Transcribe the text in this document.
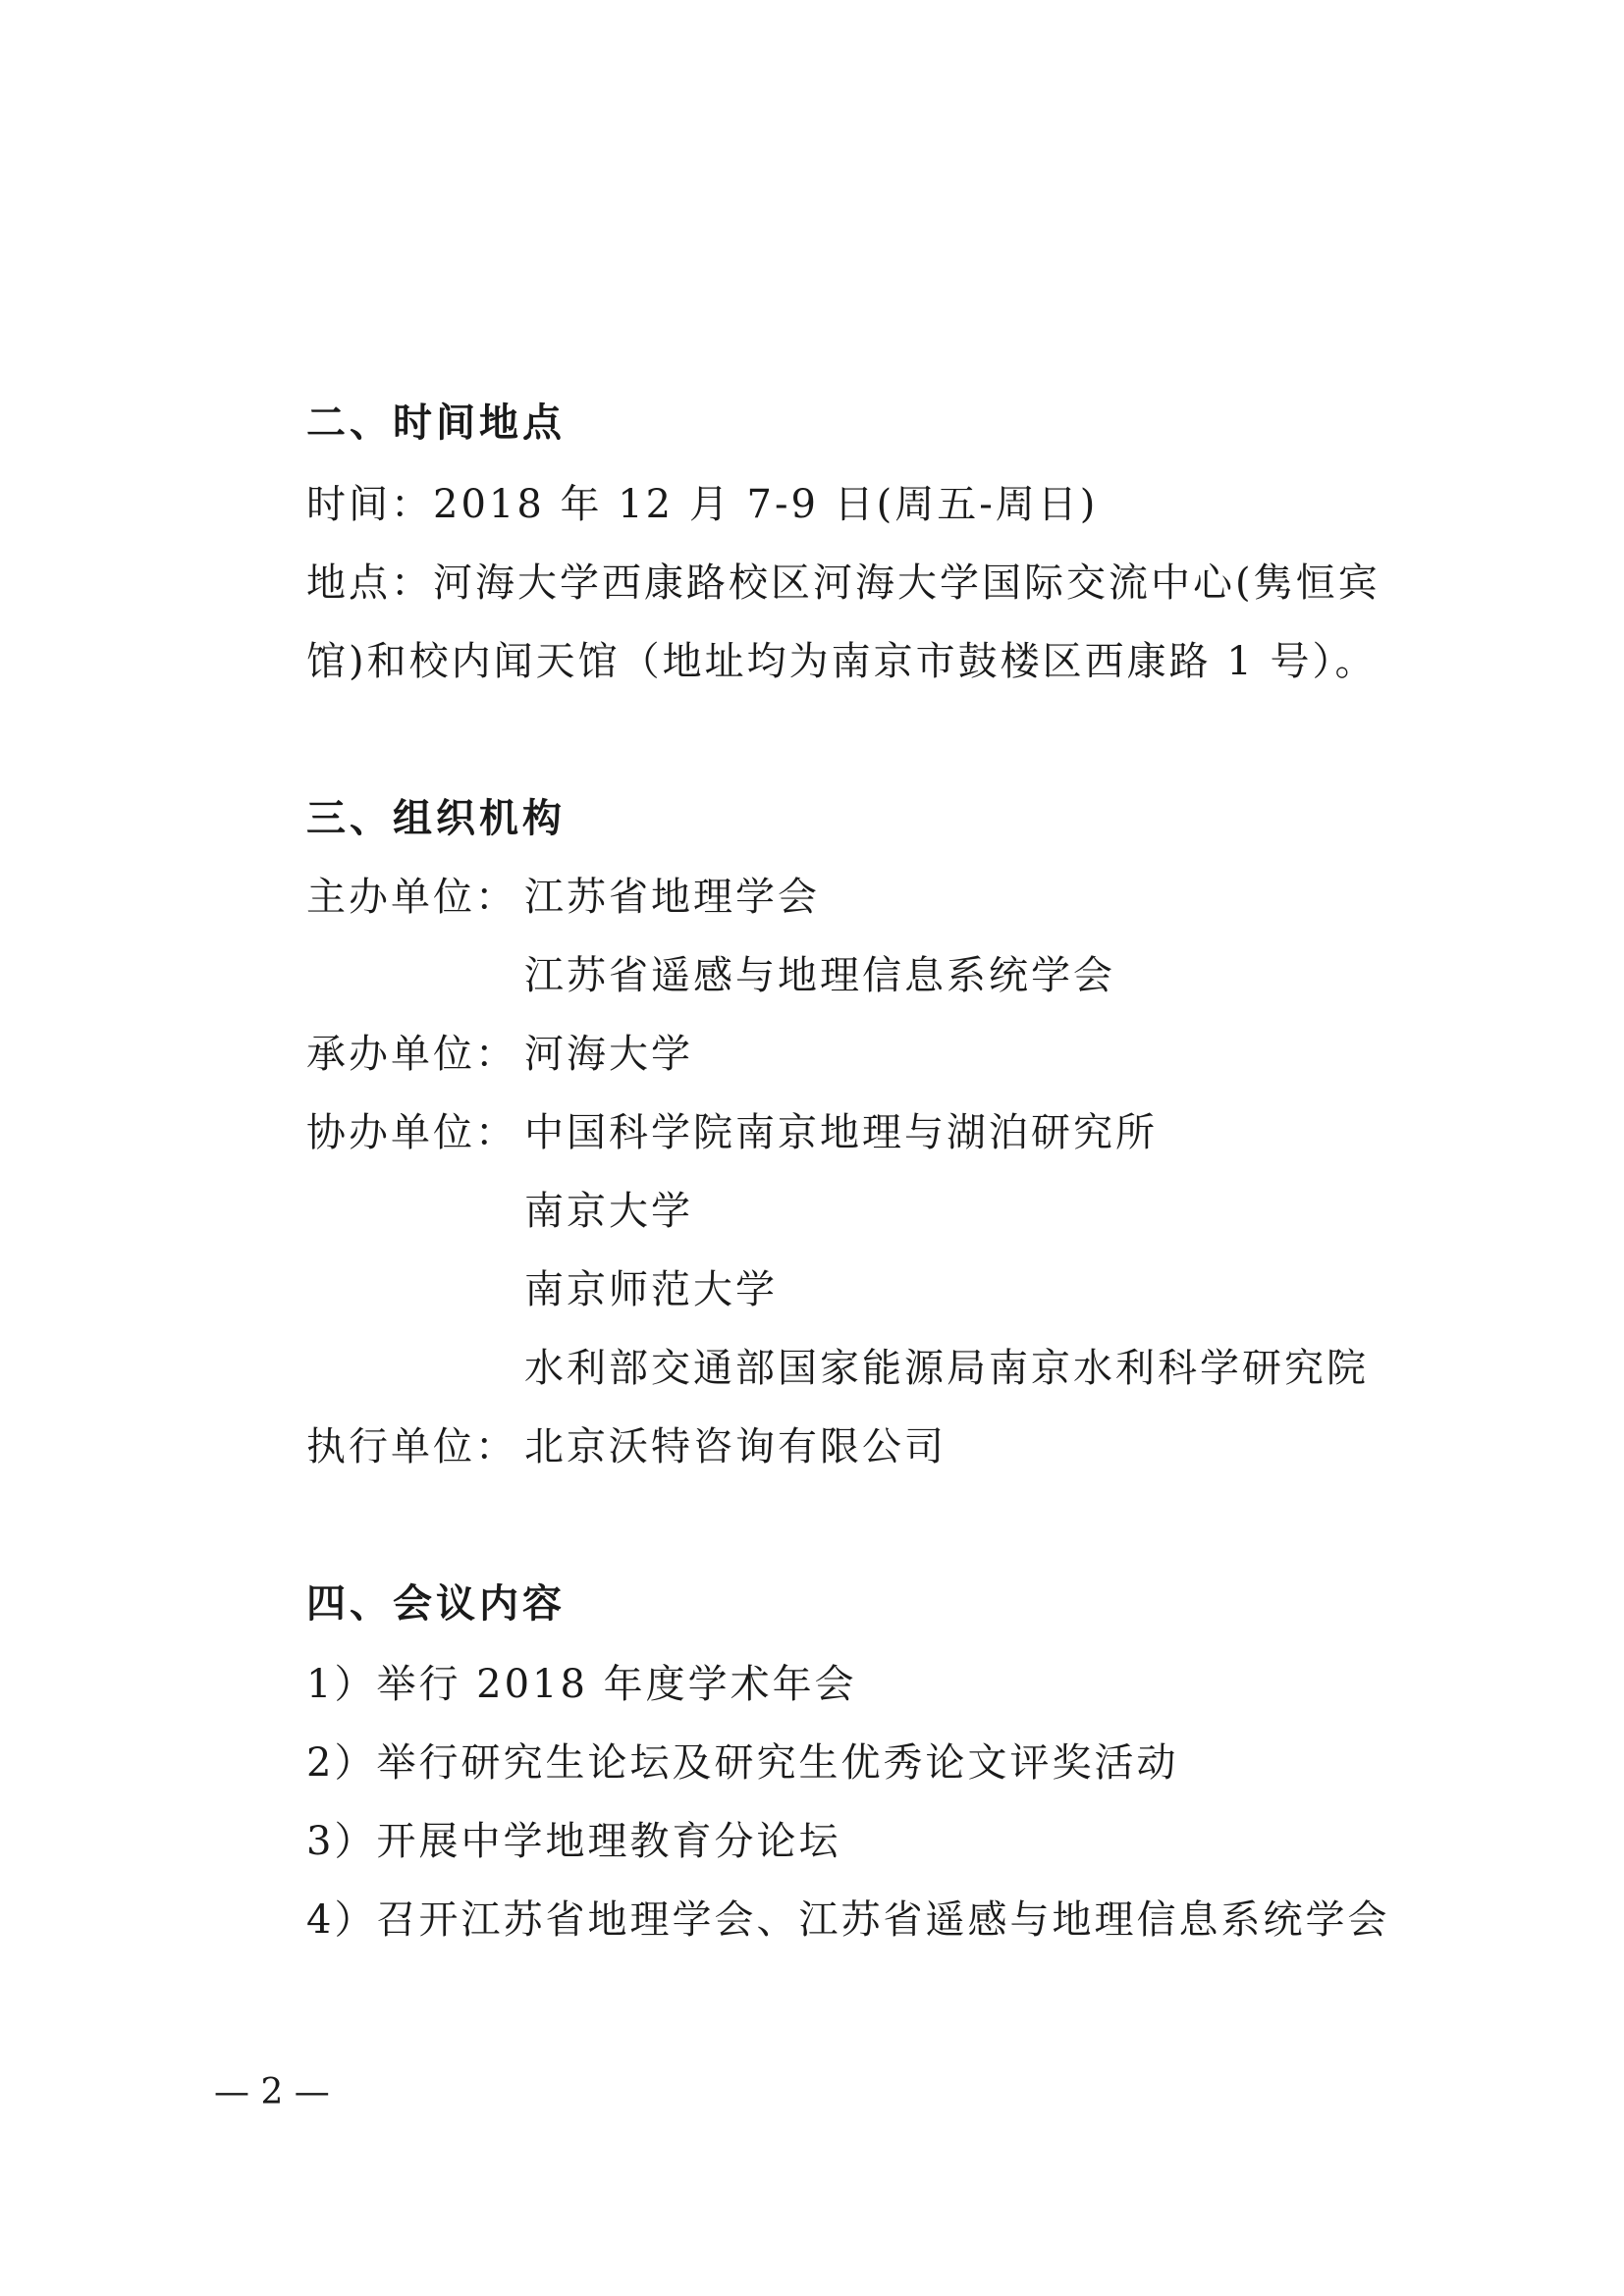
二、时间地点
时间：2018 年 12 月 7-9 日(周五-周日)
地点：河海大学西康路校区河海大学国际交流中心(隽恒宾
馆)和校内闻天馆（地址均为南京市鼓楼区西康路 1 号）。
三、组织机构
主办单位： 江苏省地理学会
江苏省遥感与地理信息系统学会
承办单位： 河海大学
协办单位： 中国科学院南京地理与湖泊研究所
南京大学
南京师范大学
水利部交通部国家能源局南京水利科学研究院
执行单位： 北京沃特咨询有限公司
四、会议内容
1）举行 2018 年度学术年会
2）举行研究生论坛及研究生优秀论文评奖活动
3）开展中学地理教育分论坛
4）召开江苏省地理学会、江苏省遥感与地理信息系统学会
— 2 —
